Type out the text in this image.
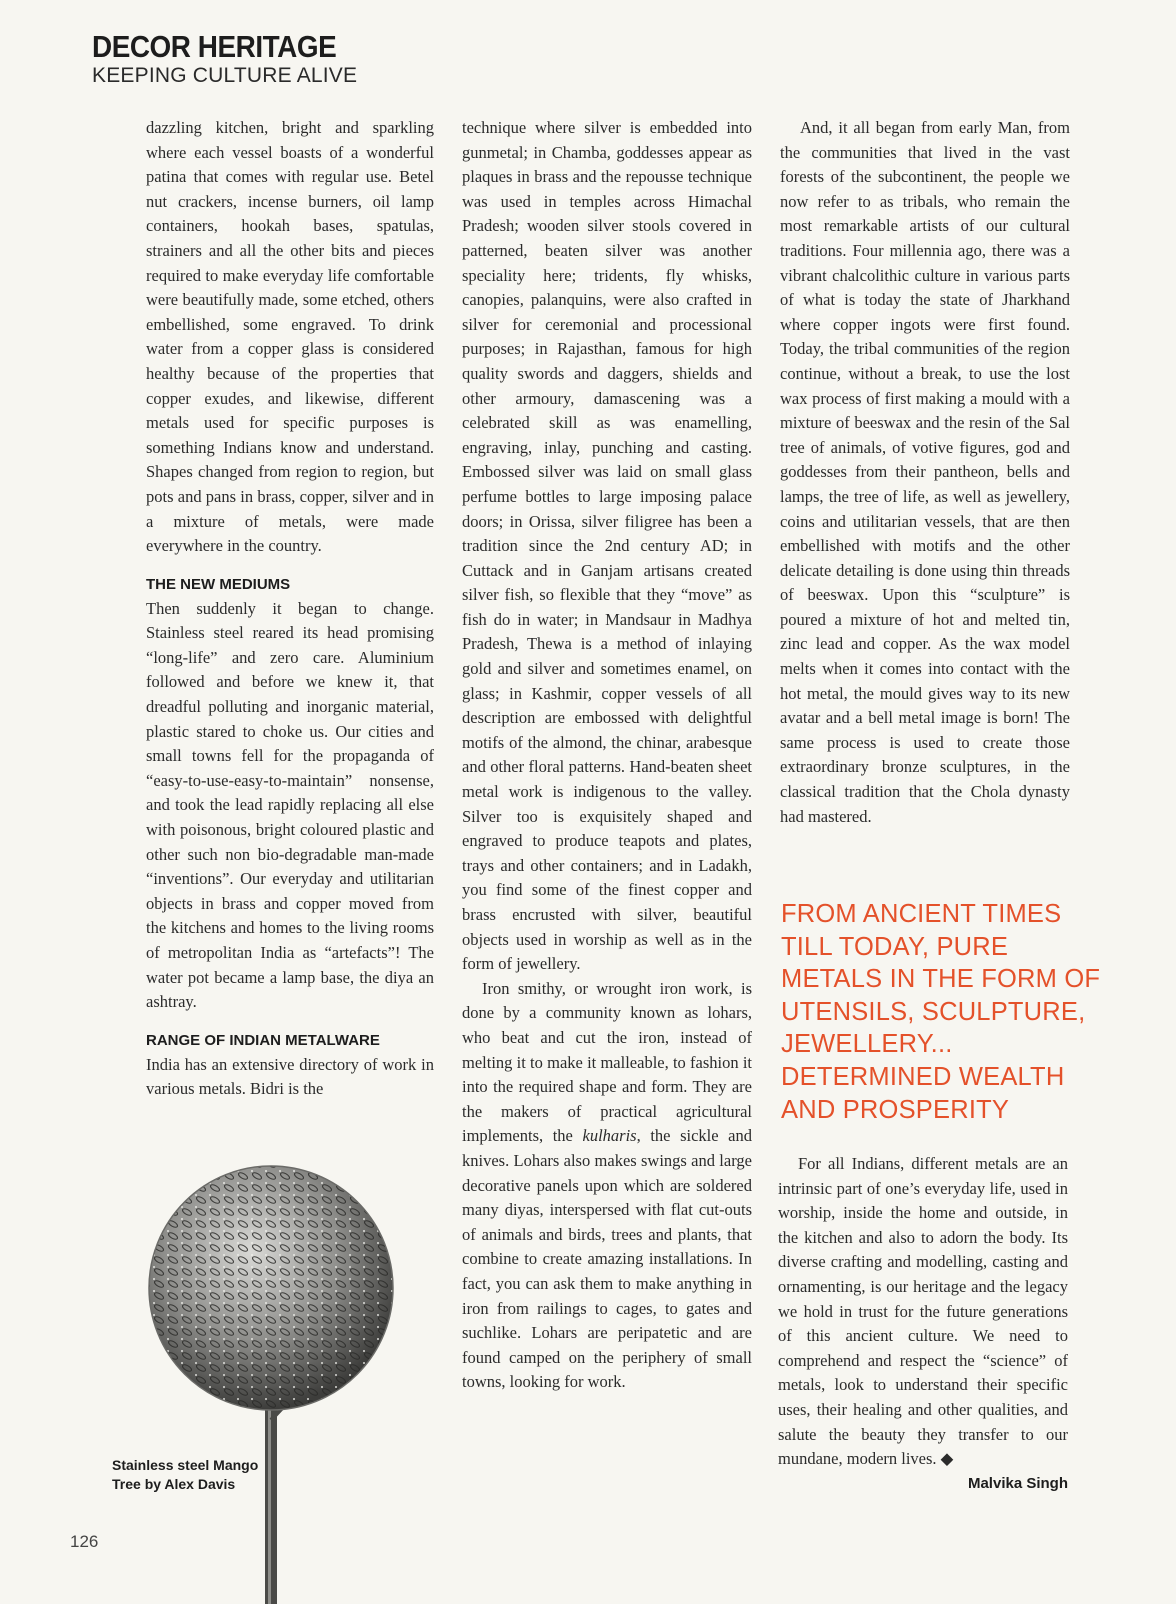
DECOR HERITAGE
KEEPING CULTURE ALIVE

dazzling kitchen, bright and sparkling where each vessel boasts of a wonderful patina that comes with regular use. Betel nut crackers, incense burners, oil lamp containers, hookah bases, spatulas, strainers and all the other bits and pieces required to make everyday life comfortable were beautifully made, some etched, others embellished, some engraved. To drink water from a copper glass is considered healthy because of the properties that copper exudes, and likewise, different metals used for specific purposes is something Indians know and understand. Shapes changed from region to region, but pots and pans in brass, copper, silver and in a mixture of metals, were made everywhere in the country.

THE NEW MEDIUMS

Then suddenly it began to change. Stainless steel reared its head promising “long-life” and zero care. Aluminium followed and before we knew it, that dreadful polluting and inorganic material, plastic stared to choke us. Our cities and small towns fell for the propaganda of “easy-to-use-easy-to-maintain” nonsense, and took the lead rapidly replacing all else with poisonous, bright coloured plastic and other such non bio-degradable man-made “inventions”. Our everyday and utilitarian objects in brass and copper moved from the kitchens and homes to the living rooms of metropolitan India as “artefacts”! The water pot became a lamp base, the diya an ashtray.

RANGE OF INDIAN METALWARE

India has an extensive directory of work in various metals. Bidri is the

technique where silver is embedded into gunmetal; in Chamba, goddesses appear as plaques in brass and the repousse technique was used in temples across Himachal Pradesh; wooden silver stools covered in patterned, beaten silver was another speciality here; tridents, fly whisks, canopies, palanquins, were also crafted in silver for ceremonial and processional purposes; in Rajasthan, famous for high quality swords and daggers, shields and other armoury, damascening was a celebrated skill as was enamelling, engraving, inlay, punching and casting. Embossed silver was laid on small glass perfume bottles to large imposing palace doors; in Orissa, silver filigree has been a tradition since the 2nd century AD; in Cuttack and in Ganjam artisans created silver fish, so flexible that they “move” as fish do in water; in Mandsaur in Madhya Pradesh, Thewa is a method of inlaying gold and silver and sometimes enamel, on glass; in Kashmir, copper vessels of all description are embossed with delightful motifs of the almond, the chinar, arabesque and other floral patterns. Hand-beaten sheet metal work is indigenous to the valley. Silver too is exquisitely shaped and engraved to produce teapots and plates, trays and other containers; and in Ladakh, you find some of the finest copper and brass encrusted with silver, beautiful objects used in worship as well as in the form of jewellery.

Iron smithy, or wrought iron work, is done by a community known as lohars, who beat and cut the iron, instead of melting it to make it malleable, to fashion it into the required shape and form. They are the makers of practical agricultural implements, the kulharis, the sickle and knives. Lohars also makes swings and large decorative panels upon which are soldered many diyas, interspersed with flat cut-outs of animals and birds, trees and plants, that combine to create amazing installations. In fact, you can ask them to make anything in iron from railings to cages, to gates and suchlike. Lohars are peripatetic and are found camped on the periphery of small towns, looking for work.

And, it all began from early Man, from the communities that lived in the vast forests of the subcontinent, the people we now refer to as tribals, who remain the most remarkable artists of our cultural traditions. Four millennia ago, there was a vibrant chalcolithic culture in various parts of what is today the state of Jharkhand where copper ingots were first found. Today, the tribal communities of the region continue, without a break, to use the lost wax process of first making a mould with a mixture of beeswax and the resin of the Sal tree of animals, of votive figures, god and goddesses from their pantheon, bells and lamps, the tree of life, as well as jewellery, coins and utilitarian vessels, that are then embellished with motifs and the other delicate detailing is done using thin threads of beeswax. Upon this “sculpture” is poured a mixture of hot and melted tin, zinc lead and copper. As the wax model melts when it comes into contact with the hot metal, the mould gives way to its new avatar and a bell metal image is born! The same process is used to create those extraordinary bronze sculptures, in the classical tradition that the Chola dynasty had mastered.

FROM ANCIENT TIMES TILL TODAY, PURE METALS IN THE FORM OF UTENSILS, SCULPTURE, JEWELLERY... DETERMINED WEALTH AND PROSPERITY

For all Indians, different metals are an intrinsic part of one’s everyday life, used in worship, inside the home and outside, in the kitchen and also to adorn the body. Its diverse crafting and modelling, casting and ornamenting, is our heritage and the legacy we hold in trust for the future generations of this ancient culture. We need to comprehend and respect the “science” of metals, look to understand their specific uses, their healing and other qualities, and salute the beauty they transfer to our mundane, modern lives. ◆
Malvika Singh

Stainless steel Mango Tree by Alex Davis
126
